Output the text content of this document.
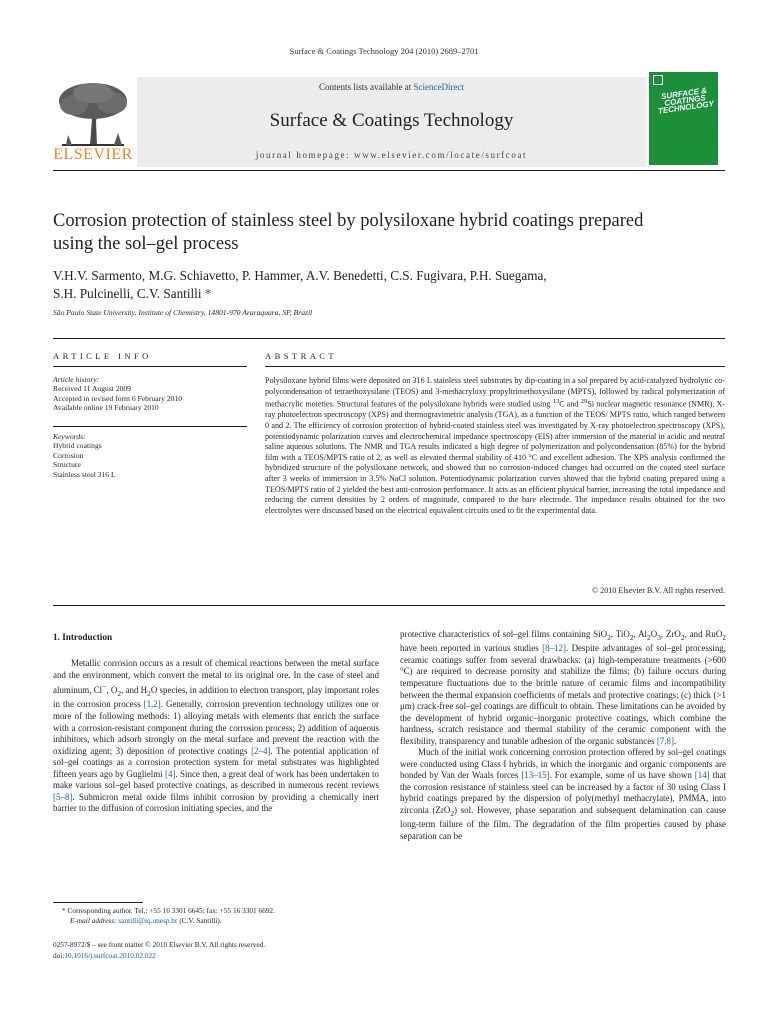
Surface & Coatings Technology 204 (2010) 2689–2701
ELSEVIER
Contents lists available at ScienceDirect
Surface & Coatings Technology
journal homepage: www.elsevier.com/locate/surfcoat
SURFACE & COATINGS TECHNOLOGY
Corrosion protection of stainless steel by polysiloxane hybrid coatings prepared
using the sol–gel process
V.H.V. Sarmento, M.G. Schiavetto, P. Hammer, A.V. Benedetti, C.S. Fugivara, P.H. Suegama,
S.H. Pulcinelli, C.V. Santilli *
São Paulo State University, Institute of Chemistry, 14801-970 Araraquara, SP, Brazil
ARTICLE INFO
Article history:
Received 11 August 2009
Accepted in revised form 6 February 2010
Available online 19 February 2010
Keywords:
Hybrid coatings
Corrosion
Structure
Stainless steel 316 L
ABSTRACT
Polysiloxane hybrid films were deposited on 316 L stainless steel substrates by dip-coating in a sol prepared by acid-catalyzed hydrolytic co-polycondensation of tetraethoxysilane (TEOS) and 3-methacryloxy propyltrimethoxysilane (MPTS), followed by radical polymerization of methacrylic moieties. Structural features of the polysiloxane hybrids were studied using $^{13}$C and $^{29}$Si nuclear magnetic resonance (NMR), X-ray photoelectron spectroscopy (XPS) and thermogravimetric analysis (TGA), as a function of the TEOS/ MPTS ratio, which ranged between 0 and 2. The efficiency of corrosion protection of hybrid-coated stainless steel was investigated by X-ray photoelectron spectroscopy (XPS), potentiodynamic polarization curves and electrochemical impedance spectroscopy (EIS) after immersion of the material in acidic and neutral saline aqueous solutions. The NMR and TGA results indicated a high degree of polymerization and polycondensation (85%) for the hybrid film with a TEOS/MPTS ratio of 2, as well as elevated thermal stability of 410 °C and excellent adhesion. The XPS analysis confirmed the hybridized structure of the polysiloxane network, and showed that no corrosion-induced changes had occurred on the coated steel surface after 3 weeks of immersion in 3.5% NaCl solution. Potentiodynamic polarization curves showed that the hybrid coating prepared using a TEOS/MPTS ratio of 2 yielded the best anti-corrosion performance. It acts as an efficient physical barrier, increasing the total impedance and reducing the current densities by 2 orders of magnitude, compared to the bare electrode. The impedance results obtained for the two electrolytes were discussed based on the electrical equivalent circuits used to fit the experimental data.
© 2010 Elsevier B.V. All rights reserved.
1. Introduction

Metallic corrosion occurs as a result of chemical reactions between the metal surface and the environment, which convert the metal to its original ore. In the case of steel and aluminum, Cl−, $O_2$, and $H_2O$ species, in addition to electron transport, play important roles in the corrosion process [1,2]. Generally, corrosion prevention technology utilizes one or more of the following methods: 1) alloying metals with elements that enrich the surface with a corrosion-resistant component during the corrosion process; 2) addition of aqueous inhibitors, which adsorb strongly on the metal surface and prevent the reaction with the oxidizing agent; 3) deposition of protective coatings [2–4]. The potential application of sol–gel coatings as a corrosion protection system for metal substrates was highlighted fifteen years ago by Guglielmi [4]. Since then, a great deal of work has been undertaken to make various sol–gel based protective coatings, as described in numerous recent reviews [5–8]. Submicron metal oxide films inhibit corrosion by providing a chemically inert barrier to the diffusion of corrosion initiating species, and the

* Corresponding author. Tel.: +55 16 3301 6645; fax: +55 16 3301 6692.
E-mail address: santilli@iq.unesp.br (C.V. Santilli).
0257-8972/$ – see front matter © 2010 Elsevier B.V. All rights reserved.
doi:10.1016/j.surfcoat.2010.02.022

protective characteristics of sol–gel films containing SiO$_2$, TiO$_2$, $Al_2O_3$, ZrO$_2$, and RuO$_2$ have been reported in various studies [8–12]. Despite advantages of sol–gel processing, ceramic coatings suffer from several drawbacks: (a) high-temperature treatments (>600 °C) are required to decrease porosity and stabilize the films; (b) failure occurs during temperature fluctuations due to the brittle nature of ceramic films and incompatibility between the thermal expansion coefficients of metals and protective coatings; (c) thick (>1 μm) crack-free sol–gel coatings are difficult to obtain. These limitations can be avoided by the development of hybrid organic–inorganic protective coatings, which combine the hardness, scratch resistance and thermal stability of the ceramic component with the flexibility, transparency and tunable adhesion of the organic substances [7,8].

Much of the initial work concerning corrosion protection offered by sol–gel coatings were conducted using Class I hybrids, in which the inorganic and organic components are bonded by Van der Waals forces [13–15]. For example, some of us have shown [14] that the corrosion resistance of stainless steel can be increased by a factor of 30 using Class I hybrid coatings prepared by the dispersion of poly(methyl methacrylate), PMMA, into zirconia (ZrO$_2$) sol. However, phase separation and subsequent delamination can cause long-term failure of the film. The degradation of the film properties caused by phase separation can be
